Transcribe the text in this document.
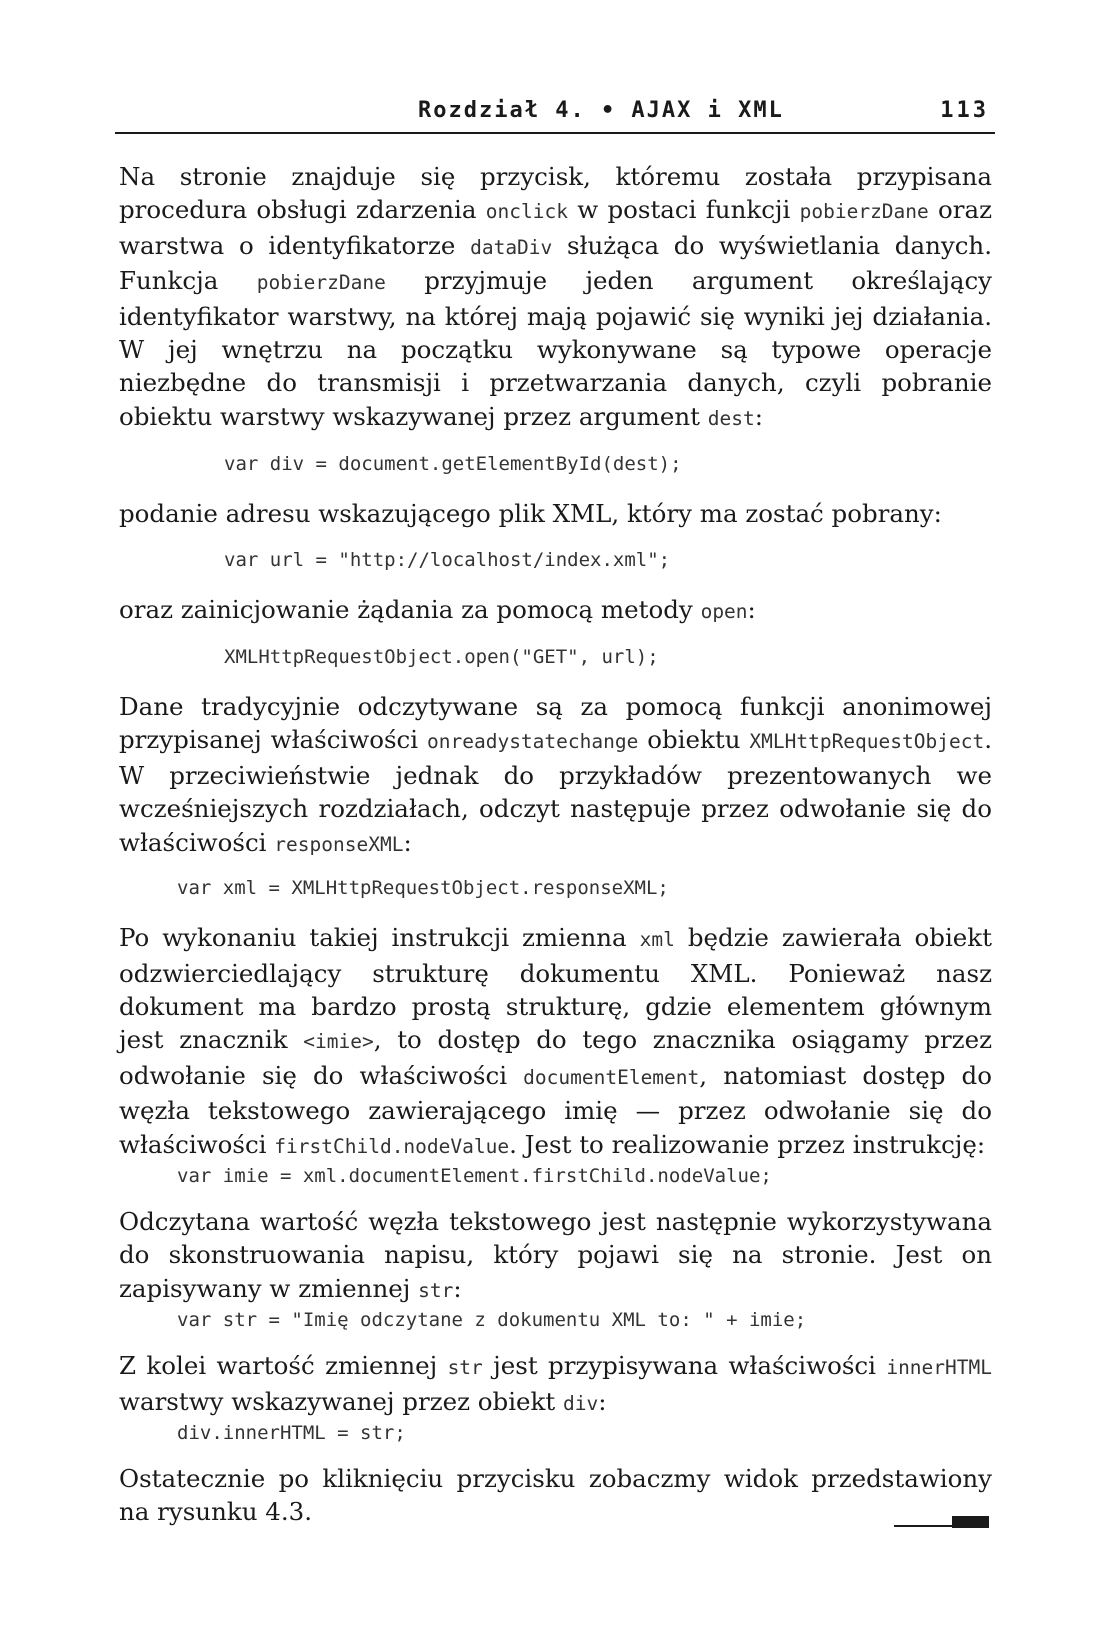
Rozdział 4. • AJAX i XML	113

Na stronie znajduje się przycisk, któremu została przypisana procedura obsługi zdarzenia onclick w postaci funkcji pobierzDane oraz warstwa o identyfikatorze dataDiv służąca do wyświetlania danych. Funkcja pobierzDane przyjmuje jeden argument określający identyfikator warstwy, na której mają pojawić się wyniki jej działania. W jej wnętrzu na początku wykonywane są typowe operacje niezbędne do transmisji i przetwarzania danych, czyli pobranie obiektu warstwy wskazywanej przez argument dest:

var div = document.getElementById(dest);

podanie adresu wskazującego plik XML, który ma zostać pobrany:

var url = "http://localhost/index.xml";

oraz zainicjowanie żądania za pomocą metody open:

XMLHttpRequestObject.open("GET", url);

Dane tradycyjnie odczytywane są za pomocą funkcji anonimowej przypisanej właściwości onreadystatechange obiektu XMLHttpRequestObject. W przeciwieństwie jednak do przykładów prezentowanych we wcześniejszych rozdziałach, odczyt następuje przez odwołanie się do właściwości responseXML:

var xml = XMLHttpRequestObject.responseXML;

Po wykonaniu takiej instrukcji zmienna xml będzie zawierała obiekt odzwierciedlający strukturę dokumentu XML. Ponieważ nasz dokument ma bardzo prostą strukturę, gdzie elementem głównym jest znacznik <imie>, to dostęp do tego znacznika osiągamy przez odwołanie się do właściwości documentElement, natomiast dostęp do węzła tekstowego zawierającego imię — przez odwołanie się do właściwości firstChild.nodeValue. Jest to realizowanie przez instrukcję:

var imie = xml.documentElement.firstChild.nodeValue;

Odczytana wartość węzła tekstowego jest następnie wykorzystywana do skonstruowania napisu, który pojawi się na stronie. Jest on zapisywany w zmiennej str:

var str = "Imię odczytane z dokumentu XML to: " + imie;

Z kolei wartość zmiennej str jest przypisywana właściwości innerHTML warstwy wskazywanej przez obiekt div:

div.innerHTML = str;

Ostatecznie po kliknięciu przycisku zobaczmy widok przedstawiony na rysunku 4.3.
